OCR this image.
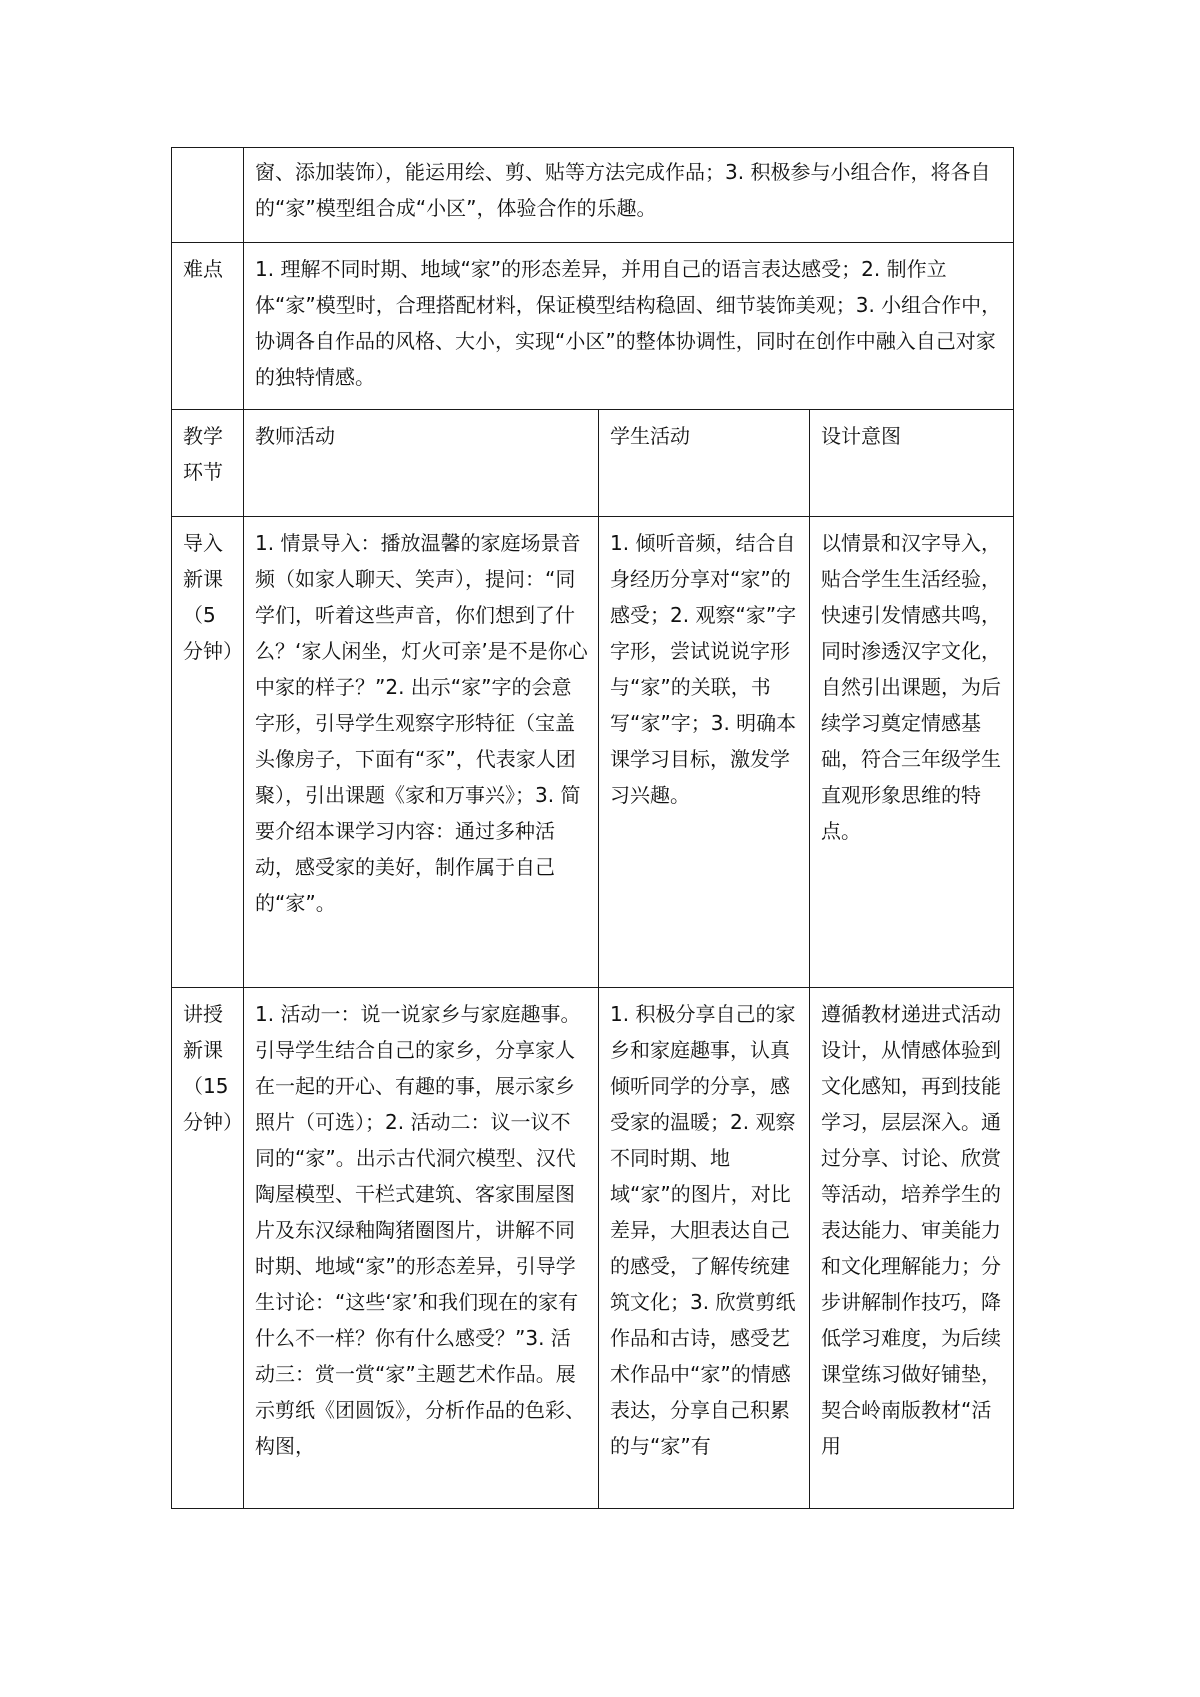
	窗、添加装饰），能运用绘、剪、贴等方法完成作品；3. 积极参与小组合作，将各自的“家”模型组合成“小区”，体验合作的乐趣。		
难点	1. 理解不同时期、地域“家”的形态差异，并用自己的语言表达感受；2. 制作立体“家”模型时，合理搭配材料，保证模型结构稳固、细节装饰美观；3. 小组合作中，协调各自作品的风格、大小，实现“小区”的整体协调性，同时在创作中融入自己对家的独特情感。		
教学环节	教师活动	学生活动	设计意图
导入新课（5分钟）	1. 情景导入：播放温馨的家庭场景音频（如家人聊天、笑声），提问：“同学们，听着这些声音，你们想到了什么？‘家人闲坐，灯火可亲’是不是你心中家的样子？”2. 出示“家”字的会意字形，引导学生观察字形特征（宝盖头像房子，下面有“豕”，代表家人团聚），引出课题《家和万事兴》；3. 简要介绍本课学习内容：通过多种活动，感受家的美好，制作属于自己的“家”。	1. 倾听音频，结合自身经历分享对“家”的感受；2. 观察“家”字字形，尝试说说字形与“家”的关联，书写“家”字；3. 明确本课学习目标，激发学习兴趣。	以情景和汉字导入，贴合学生生活经验，快速引发情感共鸣，同时渗透汉字文化，自然引出课题，为后续学习奠定情感基础，符合三年级学生直观形象思维的特点。
讲授新课（15分钟）	1. 活动一：说一说家乡与家庭趣事。引导学生结合自己的家乡，分享家人在一起的开心、有趣的事，展示家乡照片（可选）；2. 活动二：议一议不同的“家”。出示古代洞穴模型、汉代陶屋模型、干栏式建筑、客家围屋图片及东汉绿釉陶猪圈图片，讲解不同时期、地域“家”的形态差异，引导学生讨论：“这些‘家’和我们现在的家有什么不一样？你有什么感受？”3. 活动三：赏一赏“家”主题艺术作品。展示剪纸《团圆饭》，分析作品的色彩、构图，	1. 积极分享自己的家乡和家庭趣事，认真倾听同学的分享，感受家的温暖；2. 观察不同时期、地域“家”的图片，对比差异，大胆表达自己的感受，了解传统建筑文化；3. 欣赏剪纸作品和古诗，感受艺术作品中“家”的情感表达，分享自己积累的与“家”有	遵循教材递进式活动设计，从情感体验到文化感知，再到技能学习，层层深入。通过分享、讨论、欣赏等活动，培养学生的表达能力、审美能力和文化理解能力；分步讲解制作技巧，降低学习难度，为后续课堂练习做好铺垫，契合岭南版教材“活用
